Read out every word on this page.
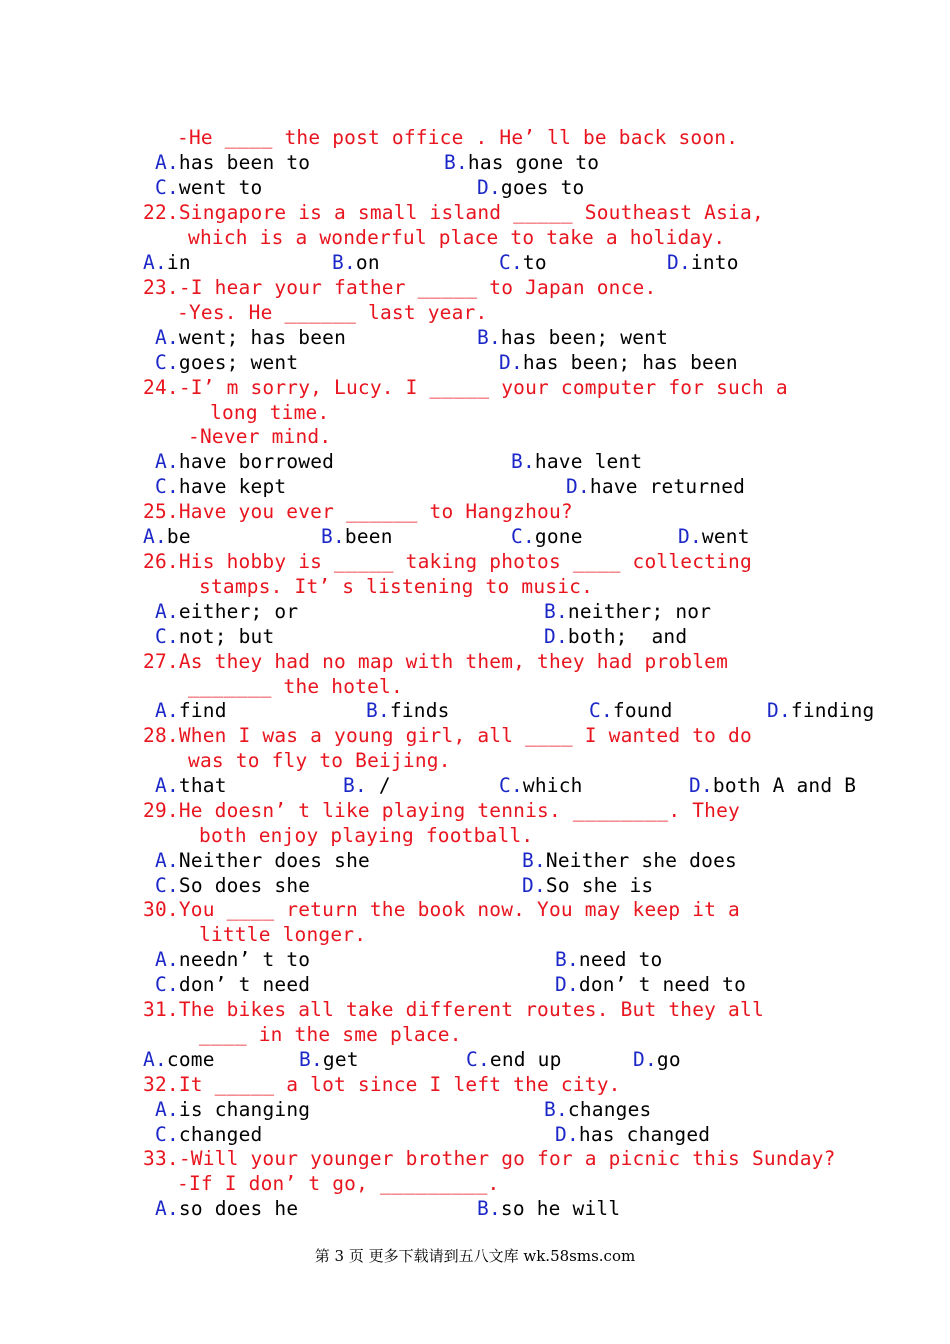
-He ____ the post office . He’ ll be back soon.
A.has been to	B.has gone to
C.went to	D.goes to
22.Singapore is a small island _____ Southeast Asia,
which is a wonderful place to take a holiday.
A.in	B.on	C.to	D.into
23.-I hear your father _____ to Japan once.
-Yes. He ______ last year.
A.went; has been	B.has been; went
C.goes; went	D.has been; has been
24.-I’ m sorry, Lucy. I _____ your computer for such a
long time.
-Never mind.
A.have borrowed	B.have lent
C.have kept	D.have returned
25.Have you ever ______ to Hangzhou?
A.be	B.been	C.gone	D.went
26.His hobby is _____ taking photos ____ collecting
stamps. It’ s listening to music.
A.either; or	B.neither; nor
C.not; but	D.both;  and
27.As they had no map with them, they had problem
_______ the hotel.
A.find	B.finds	C.found	D.finding
28.When I was a young girl, all ____ I wanted to do
was to fly to Beijing.
A.that	B. /	C.which	D.both A and B
29.He doesn’ t like playing tennis. ________. They
both enjoy playing football.
A.Neither does she	B.Neither she does
C.So does she	D.So she is
30.You ____ return the book now. You may keep it a
little longer.
A.needn’ t to	B.need to
C.don’ t need	D.don’ t need to
31.The bikes all take different routes. But they all
____ in the sme place.
A.come	B.get	C.end up	D.go
32.It _____ a lot since I left the city.
A.is changing	B.changes
C.changed	D.has changed
33.-Will your younger brother go for a picnic this Sunday?
-If I don’ t go, _________.
A.so does he	B.so he will
第 3 页 更多下载请到五八文库 wk.58sms.com
